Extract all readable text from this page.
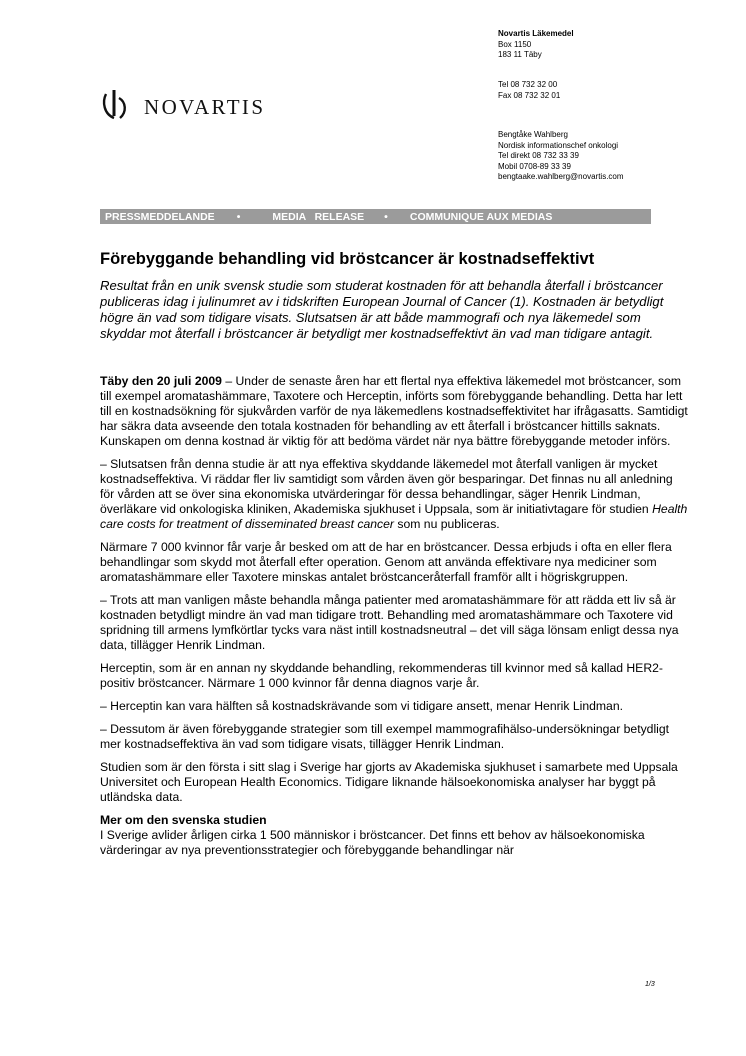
NOVARTIS
Novartis Läkemedel
Box 1150
183 11 Täby
Tel 08 732 32 00
Fax 08 732 32 01
Bengtåke Wahlberg
Nordisk informationschef onkologi
Tel direkt 08 732 33 39
Mobil 0708-89 33 39
bengtaake.wahlberg@novartis.com
PRESSMEDDELANDE •	MEDIA   RELEASE • COMMUNIQUE AUX MEDIAS
Förebyggande behandling vid bröstcancer är kostnadseffektivt

Resultat från en unik svensk studie som studerat kostnaden för att behandla återfall i bröstcancer publiceras idag i julinumret av i tidskriften European Journal of Cancer (1). Kostnaden är betydligt högre än vad som tidigare visats. Slutsatsen är att både mammografi och nya läkemedel som skyddar mot återfall i bröstcancer är betydligt mer kostnadseffektivt än vad man tidigare antagit.

Täby den 20 juli 2009 – Under de senaste åren har ett flertal nya effektiva läkemedel mot bröstcancer, som till exempel aromatashämmare, Taxotere och Herceptin, införts som förebyggande behandling. Detta har lett till en kostnadsökning för sjukvården varför de nya läkemedlens kostnadseffektivitet har ifrågasatts. Samtidigt har säkra data avseende den totala kostnaden för behandling av ett återfall i bröstcancer hittills saknats. Kunskapen om denna kostnad är viktig för att bedöma värdet när nya bättre förebyggande metoder införs.

– Slutsatsen från denna studie är att nya effektiva skyddande läkemedel mot återfall vanligen är mycket kostnadseffektiva. Vi räddar fler liv samtidigt som vården även gör besparingar. Det finnas nu all anledning för vården att se över sina ekonomiska utvärderingar för dessa behandlingar, säger Henrik Lindman, överläkare vid onkologiska kliniken, Akademiska sjukhuset i Uppsala, som är initiativtagare för studien Health care costs for treatment of disseminated breast cancer som nu publiceras.

Närmare 7 000 kvinnor får varje år besked om att de har en bröstcancer. Dessa erbjuds i ofta en eller flera behandlingar som skydd mot återfall efter operation. Genom att använda effektivare nya mediciner som aromatashämmare eller Taxotere minskas antalet bröstcanceråterfall framför allt i högriskgruppen.

– Trots att man vanligen måste behandla många patienter med aromatashämmare för att rädda ett liv så är kostnaden betydligt mindre än vad man tidigare trott. Behandling med aromatashämmare och Taxotere vid spridning till armens lymfkörtlar tycks vara näst intill kostnadsneutral – det vill säga lönsam enligt dessa nya data, tillägger Henrik Lindman.

Herceptin, som är en annan ny skyddande behandling, rekommenderas till kvinnor med så kallad HER2-positiv bröstcancer. Närmare 1 000 kvinnor får denna diagnos varje år.

– Herceptin kan vara hälften så kostnadskrävande som vi tidigare ansett, menar Henrik Lindman.

– Dessutom är även förebyggande strategier som till exempel mammografihälso-undersökningar betydligt mer kostnadseffektiva än vad som tidigare visats, tillägger Henrik Lindman.

Studien som är den första i sitt slag i Sverige har gjorts av Akademiska sjukhuset i samarbete med Uppsala Universitet och European Health Economics. Tidigare liknande hälsoekonomiska analyser har byggt på utländska data.

Mer om den svenska studien

I Sverige avlider årligen cirka 1 500 människor i bröstcancer. Det finns ett behov av hälsoekonomiska värderingar av nya preventionsstrategier och förebyggande behandlingar när

1/3
